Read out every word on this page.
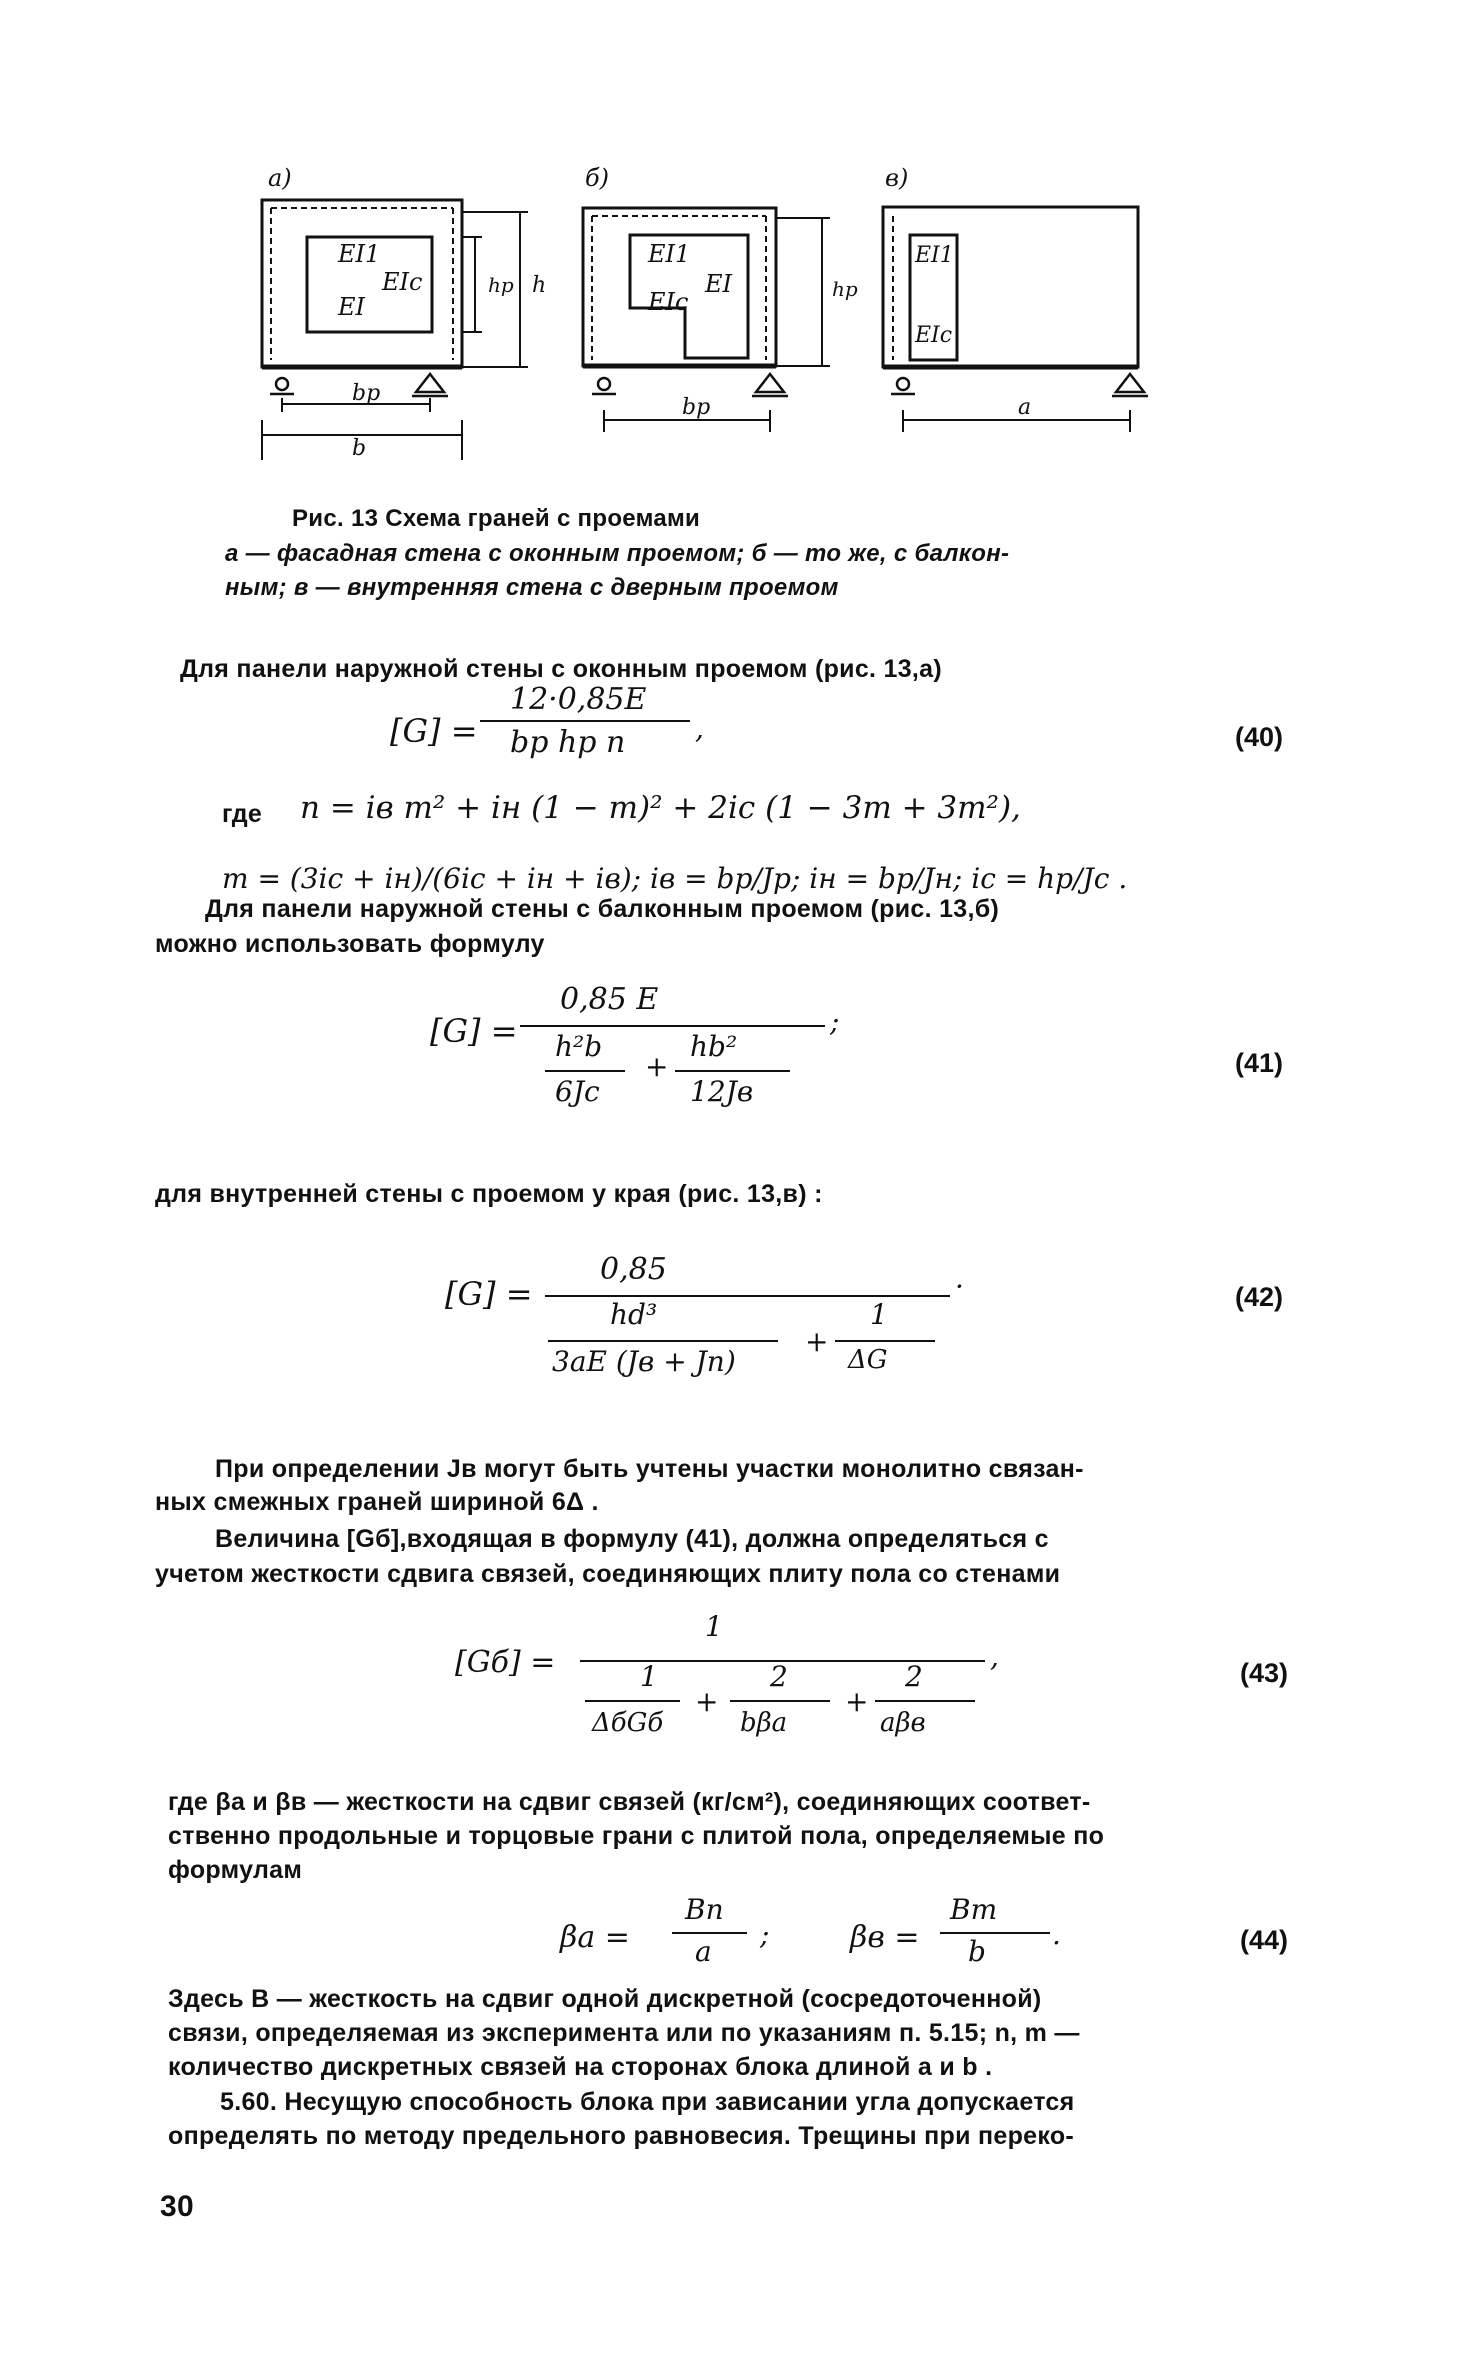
a)	б)	в)
EI1
EIc
EI
hp h
bp
b
EI1
EI
EIc	hp
bp
EI1
EIc
a
Рис. 13 Схема граней с проемами
а — фасадная стена с оконным проемом; б — то же, с балкон-
ным; в — внутренняя стена с дверным проемом
Для панели наружной стены с оконным проемом (рис. 13,а)
[G] =
12·0,85E
bp hp n ,	(40)
где n = iв m² + iн (1 − m)² + 2iс (1 − 3m + 3m²),
m = (3iс + iн)/(6iс + iн + iв); iв = bp/Jp; iн = bp/Jн; iс = hp/Jс .
Для панели наружной стены с балконным проемом (рис. 13,б)
можно использовать формулу
[G] =
0,85 E
;
h²b
6Jс
+
hb²
12Jв
(41)
для внутренней стены с проемом у края (рис. 13,в) :
[G] =
0,85	·
hd³
3aE (Jв + Jп)
+
1
ΔG
(42)
При определении Jв могут быть учтены участки монолитно связан-
ных смежных граней шириной 6Δ .
Величина [Gб],входящая в формулу (41), должна определяться с
учетом жесткости сдвига связей, соединяющих плиту пола со стенами
[Gб] =
1
,
1
ΔбGб
+
2
bβa
+
2
aβв
(43)
где βа и βв — жесткости на сдвиг связей (кг/см²), соединяющих соответ-
ственно продольные и торцовые грани с плитой пола, определяемые по
формулам
βa =
Bn
a
;	βв =
Bm
b
.	(44)
Здесь В — жесткость на сдвиг одной дискретной (сосредоточенной)
связи, определяемая из эксперимента или по указаниям п. 5.15; n, m —
количество дискретных связей на сторонах блока длиной a и b .
5.60. Несущую способность блока при зависании угла допускается
определять по методу предельного равновесия. Трещины при переко-
30
